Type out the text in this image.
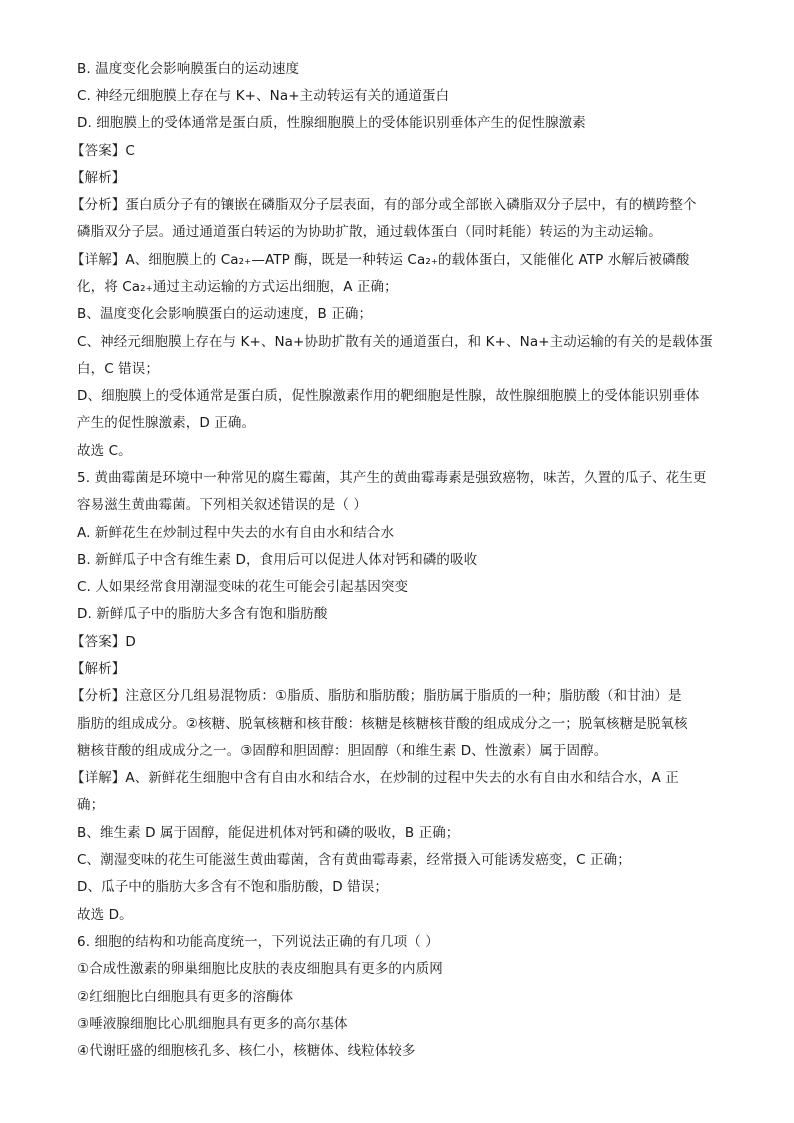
B. 温度变化会影响膜蛋白的运动速度
C. 神经元细胞膜上存在与 K+、Na+主动转运有关的通道蛋白
D. 细胞膜上的受体通常是蛋白质，性腺细胞膜上的受体能识别垂体产生的促性腺激素
【答案】C
【解析】
【分析】蛋白质分子有的镶嵌在磷脂双分子层表面，有的部分或全部嵌入磷脂双分子层中，有的横跨整个
磷脂双分子层。通过通道蛋白转运的为协助扩散，通过载体蛋白（同时耗能）转运的为主动运输。
【详解】A、细胞膜上的 Ca₂₊—ATP 酶，既是一种转运 Ca₂₊的载体蛋白，又能催化 ATP 水解后被磷酸
化，将 Ca₂₊通过主动运输的方式运出细胞，A 正确；
B、温度变化会影响膜蛋白的运动速度，B 正确；
C、神经元细胞膜上存在与 K+、Na+协助扩散有关的通道蛋白，和 K+、Na+主动运输的有关的是载体蛋
白，C 错误；
D、细胞膜上的受体通常是蛋白质，促性腺激素作用的靶细胞是性腺，故性腺细胞膜上的受体能识别垂体
产生的促性腺激素，D 正确。
故选 C。
5. 黄曲霉菌是环境中一种常见的腐生霉菌，其产生的黄曲霉毒素是强致癌物，味苦，久置的瓜子、花生更
容易滋生黄曲霉菌。下列相关叙述错误的是（ ）
A. 新鲜花生在炒制过程中失去的水有自由水和结合水
B. 新鲜瓜子中含有维生素 D，食用后可以促进人体对钙和磷的吸收
C. 人如果经常食用潮湿变味的花生可能会引起基因突变
D. 新鲜瓜子中的脂肪大多含有饱和脂肪酸
【答案】D
【解析】
【分析】注意区分几组易混物质：①脂质、脂肪和脂肪酸；脂肪属于脂质的一种；脂肪酸（和甘油）是
脂肪的组成成分。②核糖、脱氧核糖和核苷酸：核糖是核糖核苷酸的组成成分之一；脱氧核糖是脱氧核
糖核苷酸的组成成分之一。③固醇和胆固醇：胆固醇（和维生素 D、性激素）属于固醇。
【详解】A、新鲜花生细胞中含有自由水和结合水，在炒制的过程中失去的水有自由水和结合水，A 正
确；
B、维生素 D 属于固醇，能促进机体对钙和磷的吸收，B 正确；
C、潮湿变味的花生可能滋生黄曲霉菌，含有黄曲霉毒素，经常摄入可能诱发癌变，C 正确；
D、瓜子中的脂肪大多含有不饱和脂肪酸，D 错误；
故选 D。
6. 细胞的结构和功能高度统一，下列说法正确的有几项（ ）
①合成性激素的卵巢细胞比皮肤的表皮细胞具有更多的内质网
②红细胞比白细胞具有更多的溶酶体
③唾液腺细胞比心肌细胞具有更多的高尔基体
④代谢旺盛的细胞核孔多、核仁小，核糖体、线粒体较多
